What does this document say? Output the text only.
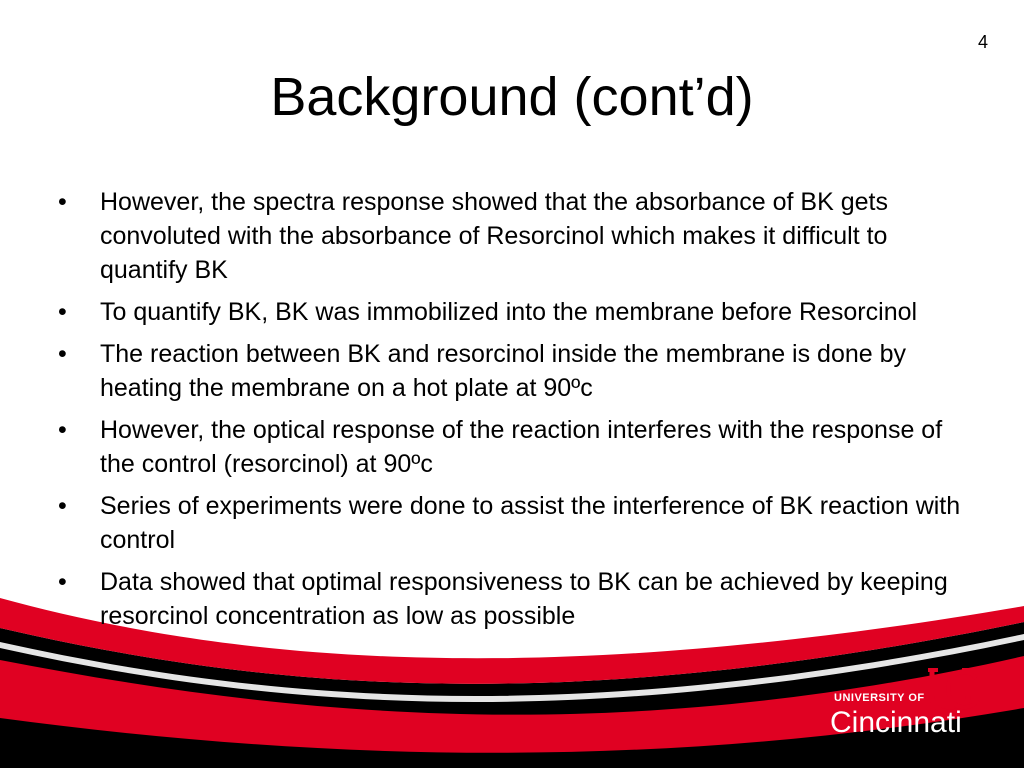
4
Background (cont’d)
• However, the spectra response showed that the absorbance of BK gets convoluted with the absorbance of Resorcinol which makes it difficult to quantify BK
• To quantify BK, BK was immobilized into the membrane before Resorcinol
• The reaction between BK and resorcinol inside the membrane is done by heating the membrane on a hot plate at 90ºc
• However, the optical response of the reaction interferes with the response of the control (resorcinol) at 90ºc
• Series of experiments were done to assist the interference of BK reaction with control
• Data showed that optimal responsiveness to BK can be achieved by keeping resorcinol concentration as low as possible
UNIVERSITY OF
Cincinnati
